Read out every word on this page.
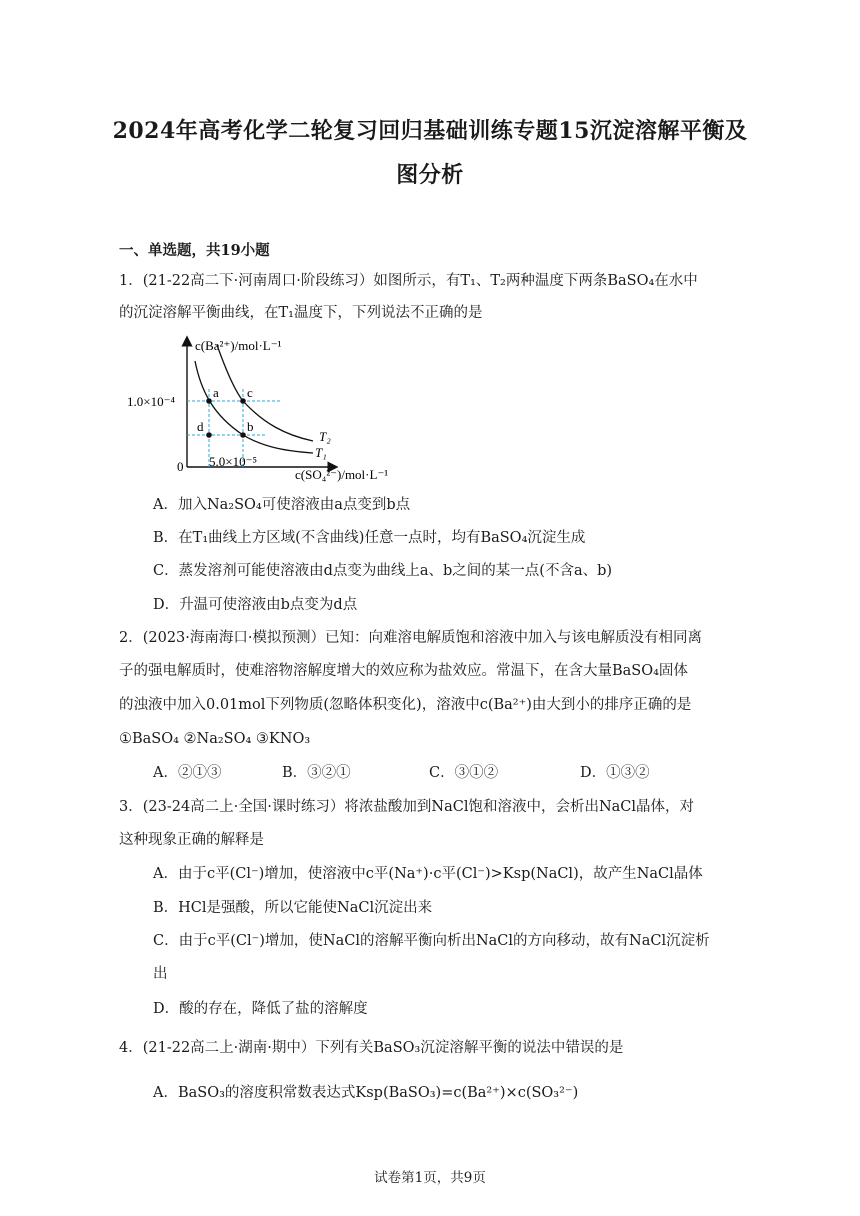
2024年高考化学二轮复习回归基础训练专题15沉淀溶解平衡及
图分析
一、单选题，共19小题
1．(21-22高二下·河南周口·阶段练习）如图所示，有T₁、T₂两种温度下两条BaSO₄在水中
的沉淀溶解平衡曲线，在T₁温度下，下列说法不正确的是
a
b
c
d
c(Ba²⁺)/mol·L⁻¹
1.0×10⁻⁴
5.0×10⁻⁵
c(SO₄²⁻)/mol·L⁻¹
0
T₂
T₁
A．加入Na₂SO₄可使溶液由a点变到b点
B．在T₁曲线上方区域(不含曲线)任意一点时，均有BaSO₄沉淀生成
C．蒸发溶剂可能使溶液由d点变为曲线上a、b之间的某一点(不含a、b)
D．升温可使溶液由b点变为d点
2．(2023·海南海口·模拟预测）已知：向难溶电解质饱和溶液中加入与该电解质没有相同离
子的强电解质时，使难溶物溶解度增大的效应称为盐效应。常温下，在含大量BaSO₄固体
的浊液中加入0.01mol下列物质(忽略体积变化)，溶液中c(Ba²⁺)由大到小的排序正确的是
①BaSO₄ ②Na₂SO₄ ③KNO₃
A．②①③	B．③②①	C．③①②	D．①③②
3．(23-24高二上·全国·课时练习）将浓盐酸加到NaCl饱和溶液中，会析出NaCl晶体，对
这种现象正确的解释是
A．由于c平(Cl⁻)增加，使溶液中c平(Na⁺)·c平(Cl⁻)>Ksp(NaCl)，故产生NaCl晶体
B．HCl是强酸，所以它能使NaCl沉淀出来
C．由于c平(Cl⁻)增加，使NaCl的溶解平衡向析出NaCl的方向移动，故有NaCl沉淀析
出
D．酸的存在，降低了盐的溶解度
4．(21-22高二上·湖南·期中）下列有关BaSO₃沉淀溶解平衡的说法中错误的是
A．BaSO₃的溶度积常数表达式Ksp(BaSO₃)=c(Ba²⁺)×c(SO₃²⁻)
试卷第1页，共9页
